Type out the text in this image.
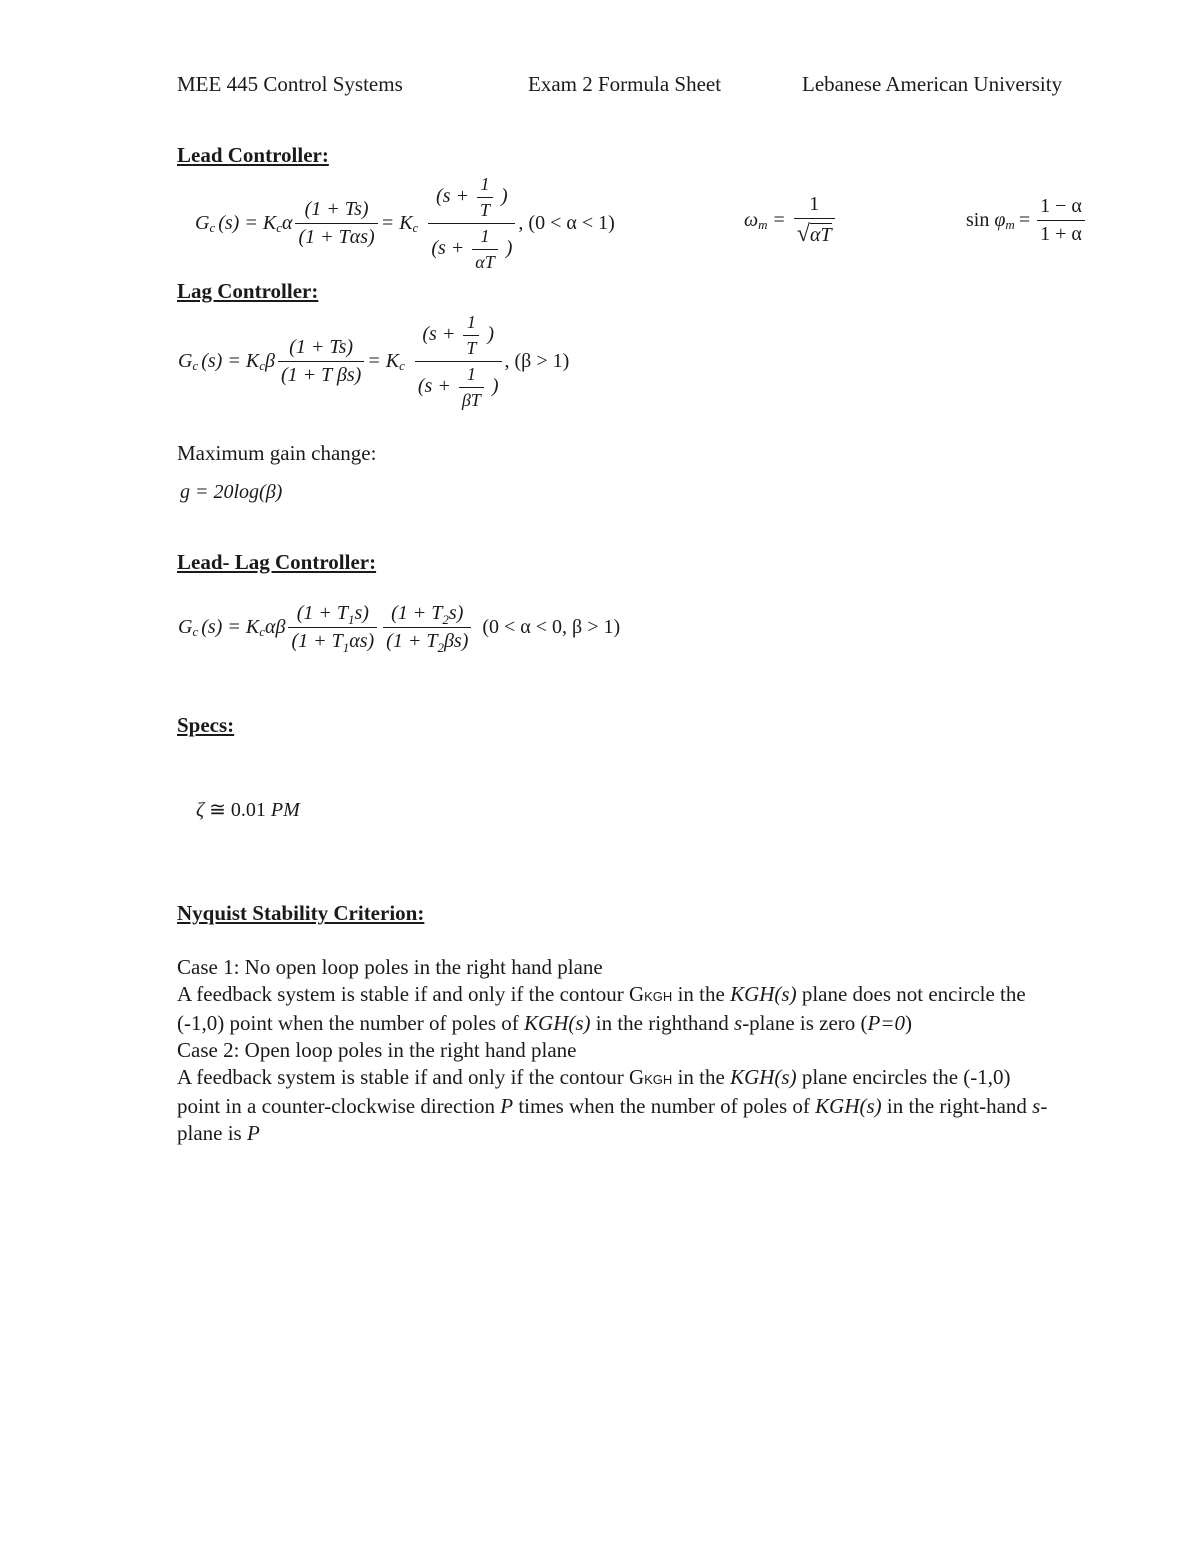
MEE 445 Control Systems	Exam 2 Formula Sheet	Lebanese American University
Lead Controller:
G c (s) = K c α $\frac{(1 + Ts)}{\text{(1 + Tαs)}} = K$ c $\frac{(s + \frac{1}{T} )}{(s + \frac{1}{\alpha T} )}$ , (0 < α < 1)	ω $m = \frac{1}{√\alpha T}$	sin φ $m = \frac{1 - \alpha}{1 + \alpha}$
Lag Controller:
G c (s) = K c β $\frac{(1 + Ts)}{\text{(1 + T βs)}} = K$ c $\frac{(s + \frac{1}{T} )}{(s + \frac{1}{\beta T} )}$ , (β > 1)
Maximum gain change:
g = 20log(β)
Lead- Lag Controller:
G c (s) = K c αβ $\frac{(1 + T_1s)}{(1 + T_1\alpha s)} \frac{(1 + T_2s)}{(1 + T_2\beta s)} (0 < \alpha < 0$, β > 1)
Specs:
ζ ≅ 0.01 PM
Nyquist Stability Criterion:

Case 1: No open loop poles in the right hand plane

A feedback system is stable if and only if the contour GKGH in the KGH(s) plane does not encircle the (-1,0) point when the number of poles of KGH(s) in the righthand s-plane is zero (P=0)

Case 2: Open loop poles in the right hand plane

A feedback system is stable if and only if the contour GKGH in the KGH(s) plane encircles the (-1,0) point in a counter-clockwise direction P times when the number of poles of KGH(s) in the right-hand s-plane is P
